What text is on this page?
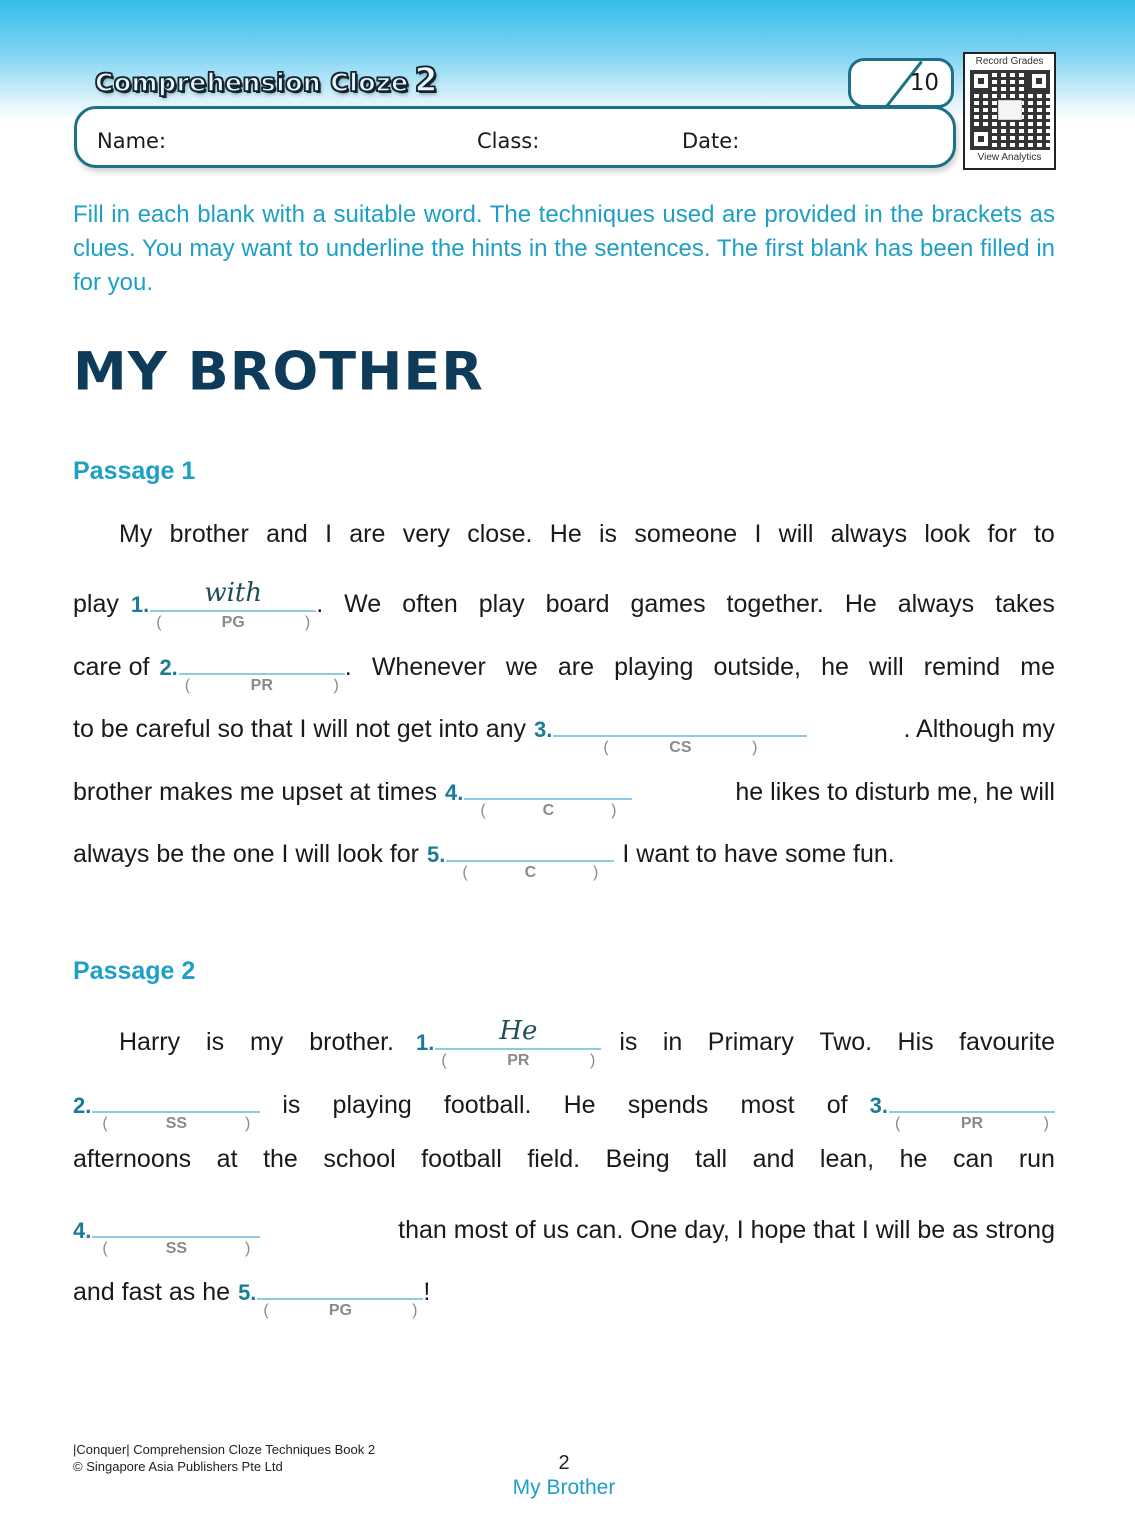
Comprehension Cloze 2	10
Name:	Class:	Date:
Record Grades
View Analytics

Fill in each blank with a suitable word. The techniques used are provided in the brackets as clues. You may want to underline the hints in the sentences. The first blank has been filled in for you.

MY BROTHER
Passage 1
My brother and I are very close. He is someone I will always look for to
play 1.	with
(	PG	)
. We often play board games together. He always takes
care of 2.
(	PR	)
. Whenever we are playing outside, he will remind me
to be careful so that I will not get into any 3.
(	CS	)
. Although my
brother makes me upset at times 4.
(	C	)
he likes to disturb me, he will
always be the one I will look for 5.
(	C	)
I want to have some fun.
Passage 2
Harry is my brother. 1.	He
(	PR	)
is in Primary Two. His favourite
2.
(	SS	)
is playing football. He spends most of 3.
(	PR	)
afternoons at the school football field. Being tall and lean, he can run
4.
(	SS	)
than most of us can. One day, I hope that I will be as strong
and fast as he 5.
(	PG	)
!
|Conquer| Comprehension Cloze Techniques Book 2
© Singapore Asia Publishers Pte Ltd	2
My Brother
